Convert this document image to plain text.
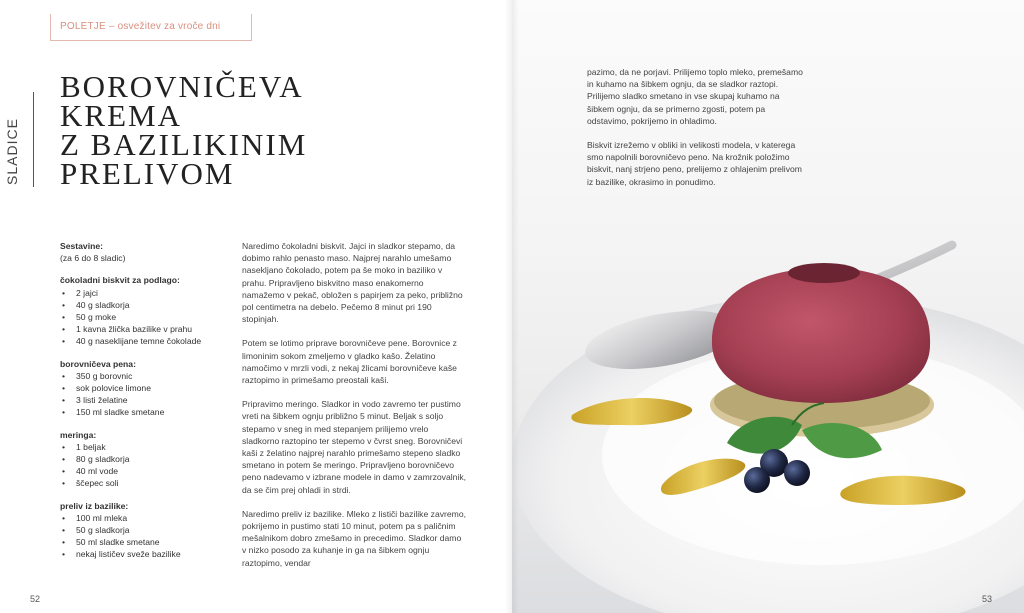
POLETJE – osvežitev za vroče dni
SLADICE
BOROVNIČEVA
KREMA
Z BAZILIKINIM
PRELIVOM
Sestavine:
(za 6 do 8 sladic)
čokoladni biskvit za podlago:
• 2 jajci
• 40 g sladkorja
• 50 g moke
• 1 kavna žlička bazilike v prahu
• 40 g naseklijane temne čokolade
borovničeva pena:
• 350 g borovnic
• sok polovice limone
• 3 listi želatine
• 150 ml sladke smetane
meringa:
• 1 beljak
• 80 g sladkorja
• 40 ml vode
• ščepec soli
preliv iz bazilike:
• 100 ml mleka
• 50 g sladkorja
• 50 ml sladke smetane
• nekaj lističev sveže bazilike

Naredimo čokoladni biskvit. Jajci in sladkor stepamo, da dobimo rahlo penasto maso. Najprej narahlo umešamo nasekljano čokolado, potem pa še moko in baziliko v prahu. Pripravljeno biskvitno maso enakomerno namažemo v pekač, obložen s papirjem za peko, približno pol centimetra na debelo. Pečemo 8 minut pri 190 stopinjah.

Potem se lotimo priprave borovničeve pene. Borovnice z limoninim sokom zmeljemo v gladko kašo. Želatino namočimo v mrzli vodi, z nekaj žlicami borovničeve kaše raztopimo in primešamo preostali kaši.

Pripravimo meringo. Sladkor in vodo zavremo ter pustimo vreti na šibkem ognju približno 5 minut. Beljak s soljo stepamo v sneg in med stepanjem prilijemo vrelo sladkorno raztopino ter stepemo v čvrst sneg. Borovničevi kaši z želatino najprej narahlo primešamo stepeno sladko smetano in potem še meringo. Pripravljeno borovničevo peno nadevamo v izbrane modele in damo v zamrzovalnik, da se čim prej ohladi in strdi.

Naredimo preliv iz bazilike. Mleko z lističi bazilike zavremo, pokrijemo in pustimo stati 10 minut, potem pa s paličnim mešalnikom dobro zmešamo in precedimo. Sladkor damo v nizko posodo za kuhanje in ga na šibkem ognju raztopimo, vendar

52

pazimo, da ne porjavi. Prilijemo toplo mleko, premešamo in kuhamo na šibkem ognju, da se sladkor raztopi. Prilijemo sladko smetano in vse skupaj kuhamo na šibkem ognju, da se primerno zgosti, potem pa odstavimo, pokrijemo in ohladimo.

Biskvit izrežemo v obliki in velikosti modela, v katerega smo napolnili borovničevo peno. Na krožnik položimo biskvit, nanj strjeno peno, prelijemo z ohlajenim prelivom iz bazilike, okrasimo in ponudimo.

53
